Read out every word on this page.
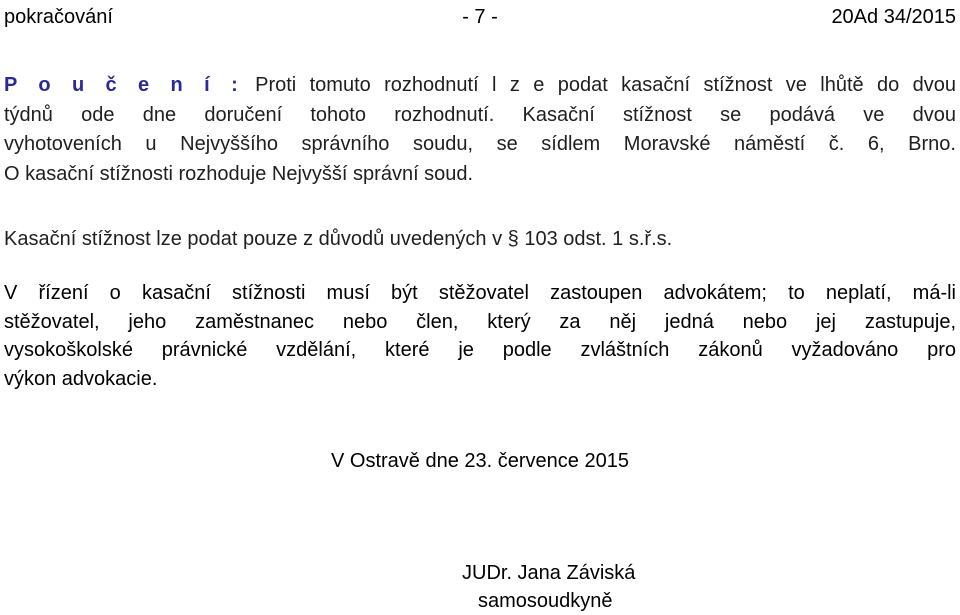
pokračování	- 7 -	20Ad 34/2015
P o u č e n í : Proti tomuto rozhodnutí l z e podat kasační stížnost ve lhůtě do dvou
týdnů ode dne doručení tohoto rozhodnutí. Kasační stížnost se podává ve dvou
vyhotoveních u Nejvyššího správního soudu, se sídlem Moravské náměstí č. 6, Brno.
O kasační stížnosti rozhoduje Nejvyšší správní soud.
Kasační stížnost lze podat pouze z důvodů uvedených v § 103 odst. 1 s.ř.s.
V řízení o kasační stížnosti musí být stěžovatel zastoupen advokátem; to neplatí, má-li
stěžovatel, jeho zaměstnanec nebo člen, který za něj jedná nebo jej zastupuje,
vysokoškolské právnické vzdělání, které je podle zvláštních zákonů vyžadováno pro
výkon advokacie.
V Ostravě dne 23. července 2015
JUDr. Jana Záviská
samosoudkyně
